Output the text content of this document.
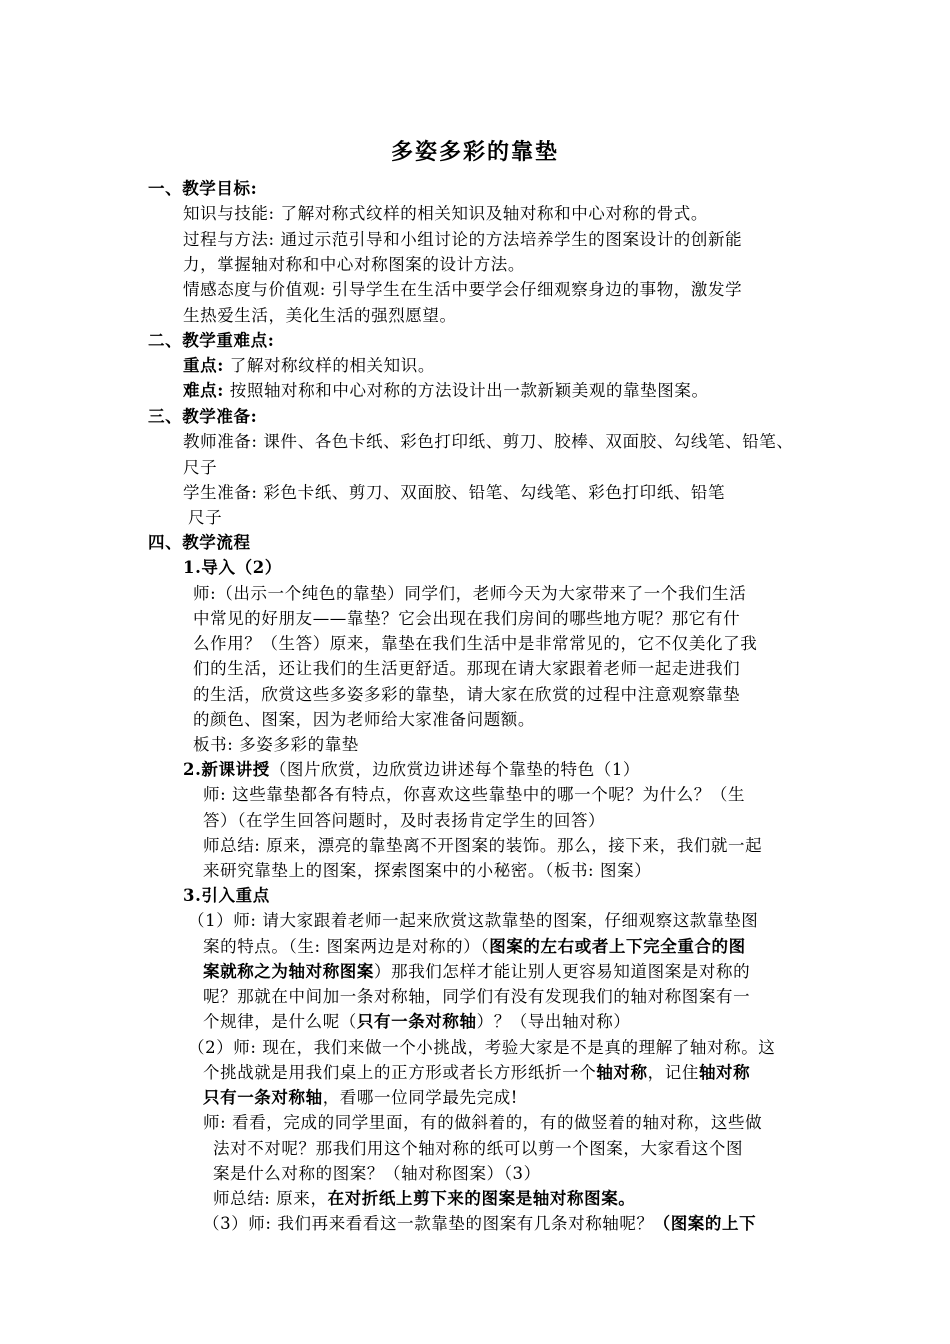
多姿多彩的靠垫
一、教学目标:
知识与技能: 了解对称式纹样的相关知识及轴对称和中心对称的骨式。
过程与方法: 通过示范引导和小组讨论的方法培养学生的图案设计的创新能
力，掌握轴对称和中心对称图案的设计方法。
情感态度与价值观: 引导学生在生活中要学会仔细观察身边的事物，激发学
生热爱生活，美化生活的强烈愿望。
二、教学重难点:
重点: 了解对称纹样的相关知识。
难点: 按照轴对称和中心对称的方法设计出一款新颖美观的靠垫图案。
三、教学准备:
教师准备: 课件、各色卡纸、彩色打印纸、剪刀、胶棒、双面胶、勾线笔、铅笔、
尺子
学生准备: 彩色卡纸、剪刀、双面胶、铅笔、勾线笔、彩色打印纸、铅笔
尺子
四、教学流程
1.导入（2）
师:（出示一个纯色的靠垫）同学们，老师今天为大家带来了一个我们生活
中常见的好朋友——靠垫？它会出现在我们房间的哪些地方呢？那它有什
么作用？（生答）原来，靠垫在我们生活中是非常常见的，它不仅美化了我
们的生活，还让我们的生活更舒适。那现在请大家跟着老师一起走进我们
的生活，欣赏这些多姿多彩的靠垫，请大家在欣赏的过程中注意观察靠垫
的颜色、图案，因为老师给大家准备问题额。
板书: 多姿多彩的靠垫
2.新课讲授（图片欣赏，边欣赏边讲述每个靠垫的特色（1）
师: 这些靠垫都各有特点，你喜欢这些靠垫中的哪一个呢？为什么？（生
答）（在学生回答问题时，及时表扬肯定学生的回答）
师总结: 原来，漂亮的靠垫离不开图案的装饰。那么，接下来，我们就一起
来研究靠垫上的图案，探索图案中的小秘密。（板书: 图案）
3.引入重点
（1）师: 请大家跟着老师一起来欣赏这款靠垫的图案，仔细观察这款靠垫图
案的特点。（生: 图案两边是对称的）（图案的左右或者上下完全重合的图
案就称之为轴对称图案）那我们怎样才能让别人更容易知道图案是对称的
呢？那就在中间加一条对称轴，同学们有没有发现我们的轴对称图案有一
个规律，是什么呢（只有一条对称轴）？（导出轴对称）
（2）师: 现在，我们来做一个小挑战，考验大家是不是真的理解了轴对称。这
个挑战就是用我们桌上的正方形或者长方形纸折一个轴对称，记住轴对称
只有一条对称轴，看哪一位同学最先完成!
师: 看看，完成的同学里面，有的做斜着的，有的做竖着的轴对称，这些做
法对不对呢？那我们用这个轴对称的纸可以剪一个图案，大家看这个图
案是什么对称的图案？（轴对称图案）（3）
师总结: 原来，在对折纸上剪下来的图案是轴对称图案。
（3）师: 我们再来看看这一款靠垫的图案有几条对称轴呢？（图案的上下
